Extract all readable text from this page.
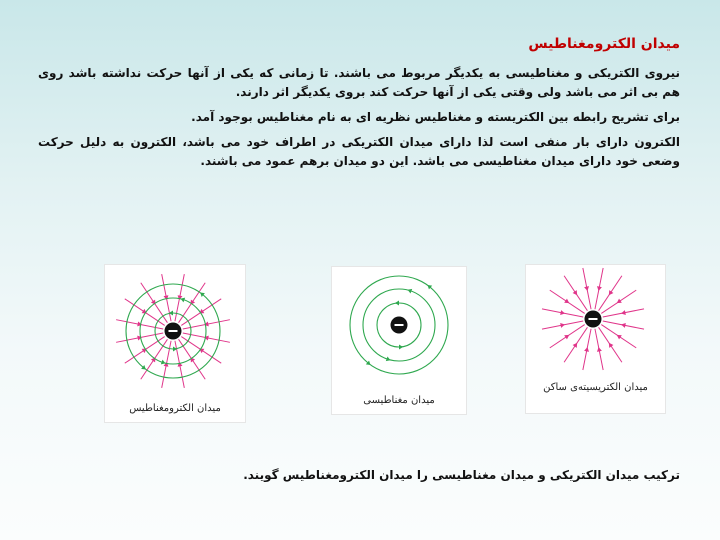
میدان الکترومغناطیس

نیروی الکتریکی و مغناطیسی به یکدیگر مربوط می باشند. تا زمانی که یکی از آنها حرکت نداشته باشد روی هم بی اثر می باشد ولی وقتی یکی از آنها حرکت کند بروی یکدیگر اثر دارند.

برای تشریح رابطه بین الکتریسته و مغناطیس نظریه ای به نام مغناطیس بوجود آمد.

الکترون دارای بار منفی است لذا دارای میدان الکتریکی در اطراف خود می باشد، الکترون به دلیل حرکت وضعی خود دارای میدان مغناطیسی می باشد. این دو میدان برهم عمود می باشند.

میدان الکترومغناطیس
میدان مغناطیسی
میدان الکتریسیته‌ی ساکن
ترکیب میدان الکتریکی و میدان مغناطیسی را میدان الکترومغناطیس گویند.
